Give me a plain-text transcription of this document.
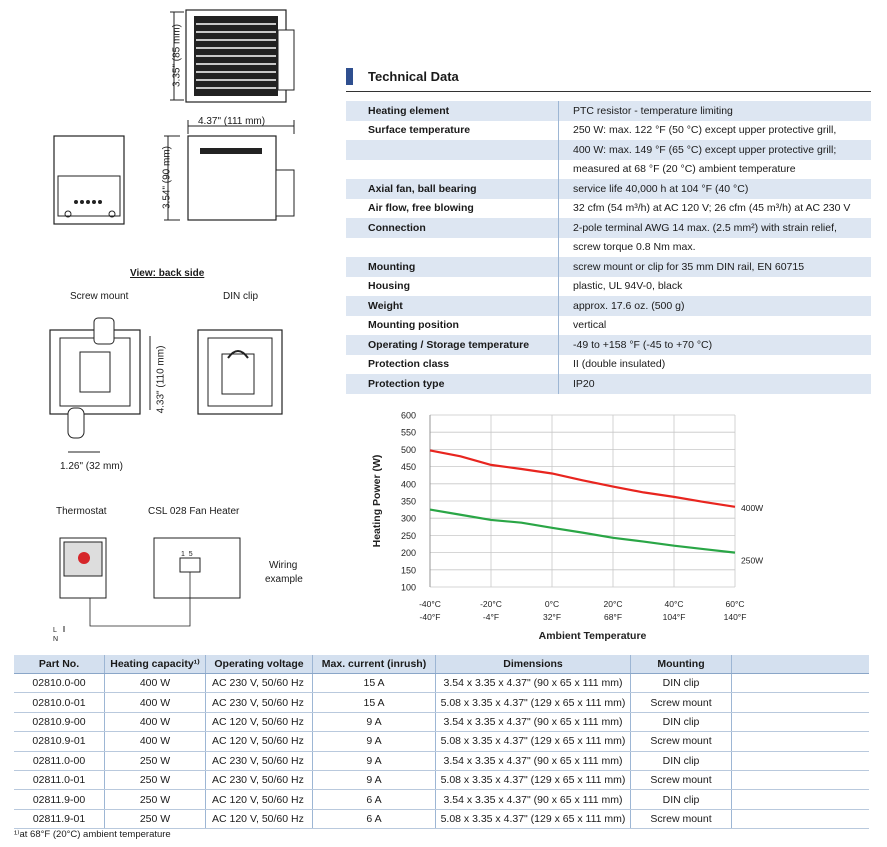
3.35" (85 mm)
4.37" (111 mm)
3.54" (90 mm)
View: back side
Screw mount	DIN clip
4.33" (110 mm)
1.26" (32 mm)
Thermostat	CSL 028 Fan Heater
Wiring
example
L
N
1  5
Technical Data
Heating element	PTC resistor - temperature limiting
Surface temperature	250 W: max. 122 °F (50 °C) except upper protective grill,
	400 W: max. 149 °F (65 °C) except upper protective grill;
	measured at 68 °F (20 °C) ambient temperature
Axial fan, ball bearing	service life 40,000 h at 104 °F (40 °C)
Air flow, free blowing	32 cfm (54 m³/h) at AC 120 V; 26 cfm (45 m³/h) at AC 230 V
Connection	2-pole terminal AWG 14 max. (2.5 mm²) with strain relief,
	screw torque 0.8 Nm max.
Mounting	screw mount or clip for 35 mm DIN rail, EN 60715
Housing	plastic, UL 94V-0, black
Weight	approx. 17.6 oz. (500 g)
Mounting position	vertical
Operating / Storage temperature	-49 to +158 °F (-45 to +70 °C)
Protection class	II (double insulated)
Protection type	IP20
100
150
200
250
300
350
400
450
500
550
600
-40°C
-40°F
-20°C
-4°F
0°C
32°F
20°C
68°F
40°C
104°F
60°C
140°F
400W
250W
Heating Power (W)
Ambient Temperature
Part No.	Heating capacity¹⁾	Operating voltage	Max. current (inrush)	Dimensions	Mounting	
02810.0-00	400 W	AC 230 V, 50/60 Hz	15 A	3.54 x 3.35 x 4.37" (90 x 65 x 111 mm)	DIN clip	
02810.0-01	400 W	AC 230 V, 50/60 Hz	15 A	5.08 x 3.35 x 4.37" (129 x 65 x 111 mm)	Screw mount	
02810.9-00	400 W	AC 120 V, 50/60 Hz	9 A	3.54 x 3.35 x 4.37" (90 x 65 x 111 mm)	DIN clip	
02810.9-01	400 W	AC 120 V, 50/60 Hz	9 A	5.08 x 3.35 x 4.37" (129 x 65 x 111 mm)	Screw mount	
02811.0-00	250 W	AC 230 V, 50/60 Hz	9 A	3.54 x 3.35 x 4.37" (90 x 65 x 111 mm)	DIN clip	
02811.0-01	250 W	AC 230 V, 50/60 Hz	9 A	5.08 x 3.35 x 4.37" (129 x 65 x 111 mm)	Screw mount	
02811.9-00	250 W	AC 120 V, 50/60 Hz	6 A	3.54 x 3.35 x 4.37" (90 x 65 x 111 mm)	DIN clip	
02811.9-01	250 W	AC 120 V, 50/60 Hz	6 A	5.08 x 3.35 x 4.37" (129 x 65 x 111 mm)	Screw mount	
¹⁾at 68°F (20°C) ambient temperature
